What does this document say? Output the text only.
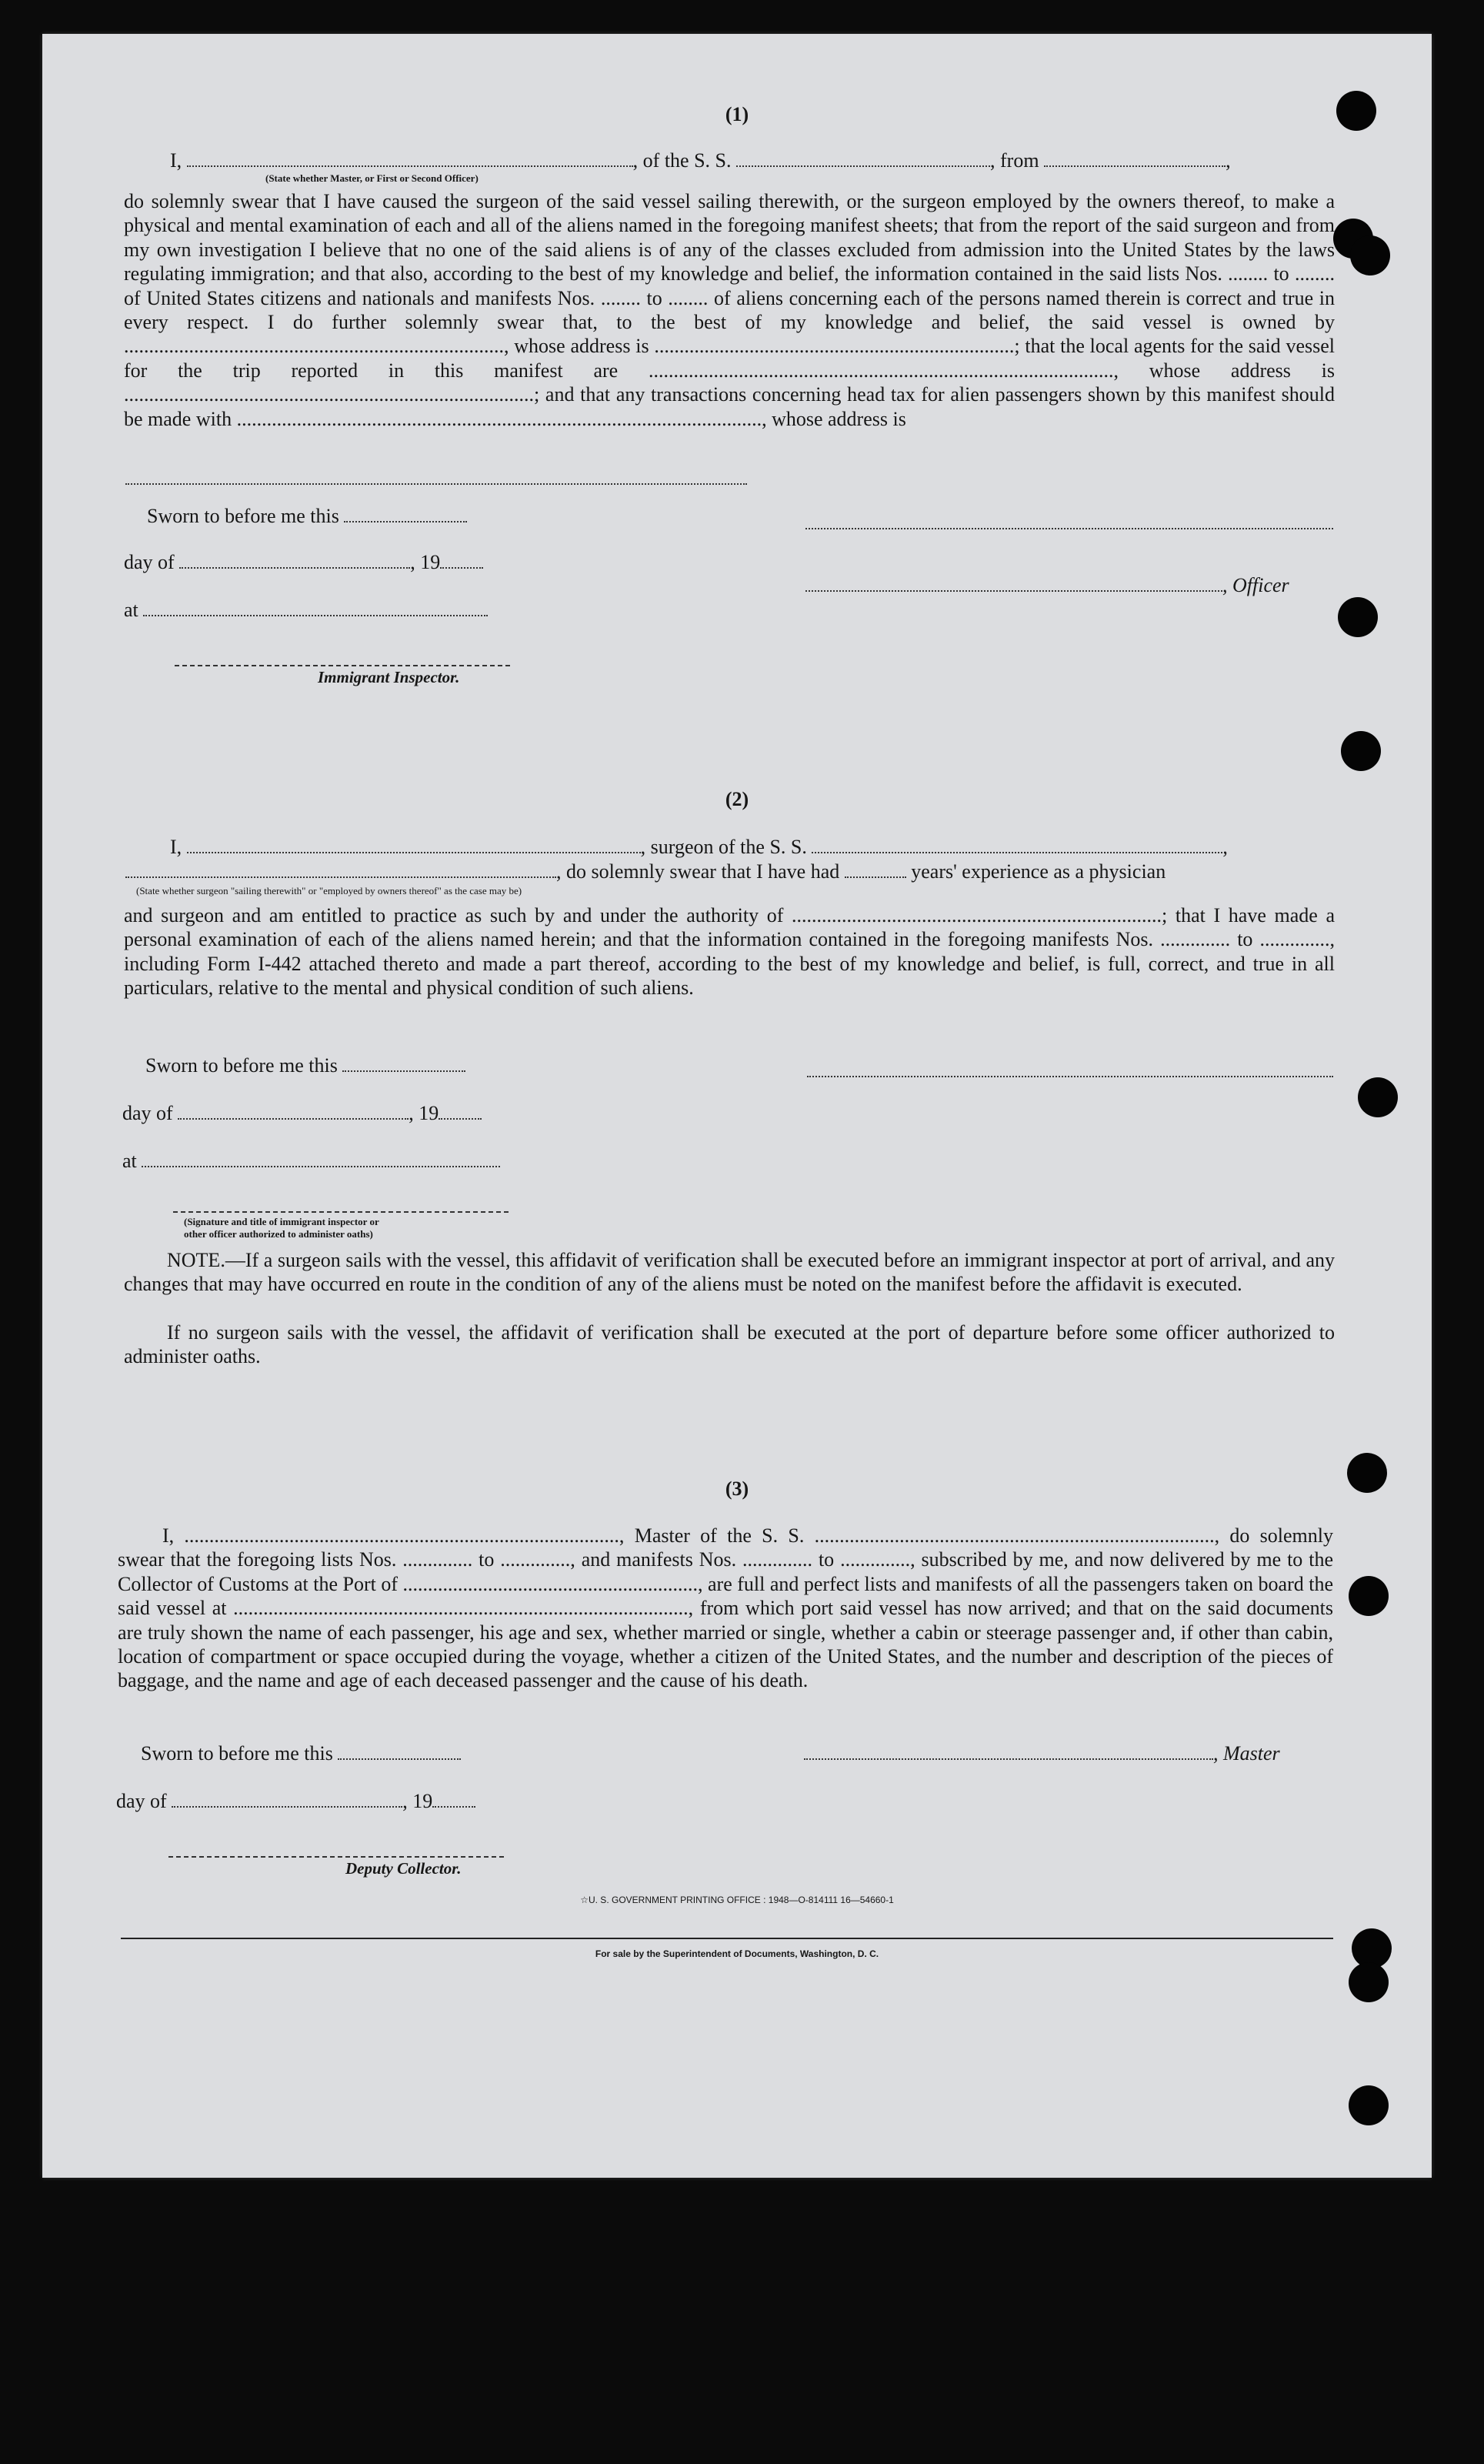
(1)
I,	, of the S. S.	, from	,
(State whether Master, or First or Second Officer)
do solemnly swear that I have caused the surgeon of the said vessel sailing therewith, or the surgeon employed by the owners thereof, to make a physical and mental examination of each and all of the aliens named in the foregoing manifest sheets; that from the report of the said surgeon and from my own investigation I believe that no one of the said aliens is of any of the classes excluded from admission into the United States by the laws regulating immigration; and that also, according to the best of my knowledge and belief, the information contained in the said lists Nos. ........ to ........ of United States citizens and nationals and manifests Nos. ........ to ........ of aliens concerning each of the persons named therein is correct and true in every respect. I do further solemnly swear that, to the best of my knowledge and belief, the said vessel is owned by ............................................................................, whose address is ........................................................................; that the local agents for the said vessel for the trip reported in this manifest are ............................................................................................., whose address is ..................................................................................; and that any transactions concerning head tax for alien passengers shown by this manifest should be made with ........................................................................................................., whose address is
Sworn to before me this
day of	, 19
, Officer
at
Immigrant Inspector.
(2)
I,	, surgeon of the S. S.	,
, do solemnly swear that I have had	years' experience as a physician
(State whether surgeon "sailing therewith" or "employed by owners thereof" as the case may be)
and surgeon and am entitled to practice as such by and under the authority of ..........................................................................; that I have made a personal examination of each of the aliens named herein; and that the information contained in the foregoing manifests Nos. .............. to .............., including Form I-442 attached thereto and made a part thereof, according to the best of my knowledge and belief, is full, correct, and true in all particulars, relative to the mental and physical condition of such aliens.
Sworn to before me this
day of	, 19
at
(Signature and title of immigrant inspector or
other officer authorized to administer oaths)
NOTE.—If a surgeon sails with the vessel, this affidavit of verification shall be executed before an immigrant inspector at port of arrival, and any changes that may have occurred en route in the condition of any of the aliens must be noted on the manifest before the affidavit is executed.
If no surgeon sails with the vessel, the affidavit of verification shall be executed at the port of departure before some officer authorized to administer oaths.
(3)
I, ......................................................................................., Master of the S. S. ................................................................................, do solemnly swear that the foregoing lists Nos. .............. to .............., and manifests Nos. .............. to .............., subscribed by me, and now delivered by me to the Collector of Customs at the Port of ..........................................................., are full and perfect lists and manifests of all the passengers taken on board the said vessel at ..........................................................................................., from which port said vessel has now arrived; and that on the said documents are truly shown the name of each passenger, his age and sex, whether married or single, whether a cabin or steerage passenger and, if other than cabin, location of compartment or space occupied during the voyage, whether a citizen of the United States, and the number and description of the pieces of baggage, and the name and age of each deceased passenger and the cause of his death.
Sworn to before me this	, Master
day of	, 19
Deputy Collector.
☆U. S. GOVERNMENT PRINTING OFFICE : 1948—O-814111 16—54660-1
For sale by the Superintendent of Documents, Washington, D. C.
